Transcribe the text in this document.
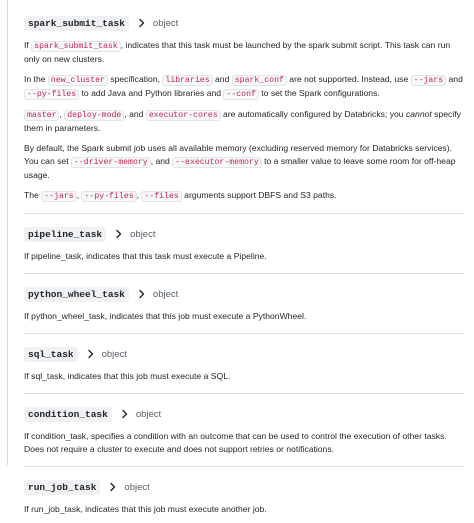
spark_submit_task	object

If spark_submit_task , indicates that this task must be launched by the spark submit script. This task can run only on new clusters.

In the new_cluster specification, libraries and spark_conf are not supported. Instead, use --jars and --py-files to add Java and Python libraries and --conf to set the Spark configurations.

master , deploy-mode , and executor-cores are automatically configured by Databricks; you cannot specify them in parameters.

By default, the Spark submit job uses all available memory (excluding reserved memory for Databricks services). You can set --driver-memory , and --executor-memory to a smaller value to leave some room for off-heap usage.

The --jars , --py-files , --files arguments support DBFS and S3 paths.

pipeline_task	object

If pipeline_task, indicates that this task must execute a Pipeline.

python_wheel_task	object

If python_wheel_task, indicates that this job must execute a PythonWheel.

sql_task	object

If sql_task, indicates that this job must execute a SQL.

condition_task	object

If condition_task, specifies a condition with an outcome that can be used to control the execution of other tasks. Does not require a cluster to execute and does not support retries or notifications.

run_job_task	object

If run_job_task, indicates that this job must execute another job.
